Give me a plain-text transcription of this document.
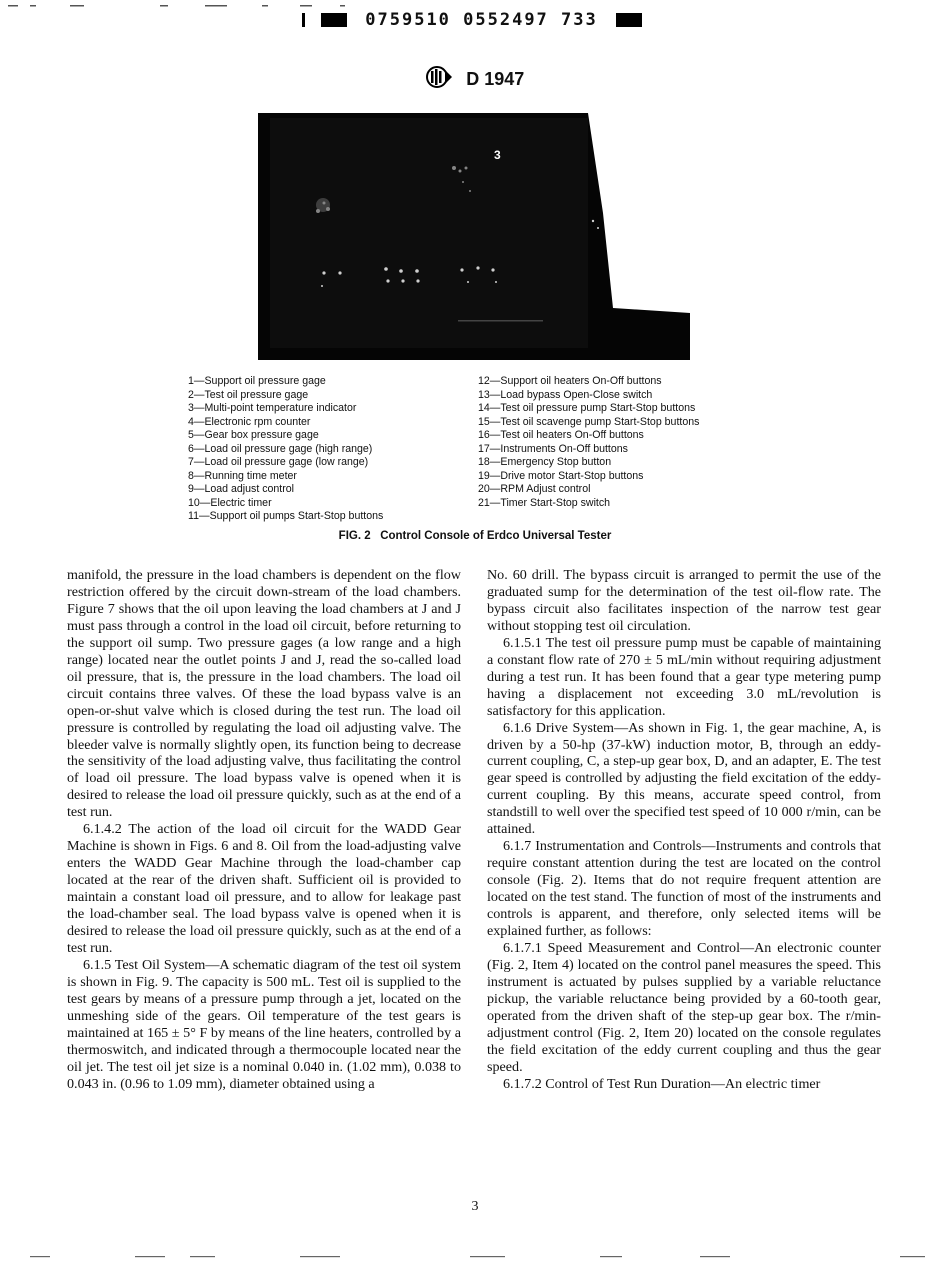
0759510 0552497 733
D 1947
3
1—Support oil pressure gage
2—Test oil pressure gage
3—Multi-point temperature indicator
4—Electronic rpm counter
5—Gear box pressure gage
6—Load oil pressure gage (high range)
7—Load oil pressure gage (low range)
8—Running time meter
9—Load adjust control
10—Electric timer
11—Support oil pumps Start-Stop buttons
12—Support oil heaters On-Off buttons
13—Load bypass Open-Close switch
14—Test oil pressure pump Start-Stop buttons
15—Test oil scavenge pump Start-Stop buttons
16—Test oil heaters On-Off buttons
17—Instruments On-Off buttons
18—Emergency Stop button
19—Drive motor Start-Stop buttons
20—RPM Adjust control
21—Timer Start-Stop switch
FIG. 2   Control Console of Erdco Universal Tester

manifold, the pressure in the load chambers is dependent on the flow restriction offered by the circuit down-stream of the load chambers. Figure 7 shows that the oil upon leaving the load chambers at J and J must pass through a control in the load oil circuit, before returning to the support oil sump. Two pressure gages (a low range and a high range) located near the outlet points J and J, read the so-called load oil pressure, that is, the pressure in the load chambers. The load oil circuit contains three valves. Of these the load bypass valve is an open-or-shut valve which is closed during the test run. The load oil pressure is controlled by regulating the load oil adjusting valve. The bleeder valve is normally slightly open, its function being to decrease the sensitivity of the load adjusting valve, thus facilitating the control of load oil pressure. The load bypass valve is opened when it is desired to release the load oil pressure quickly, such as at the end of a test run.

6.1.4.2 The action of the load oil circuit for the WADD Gear Machine is shown in Figs. 6 and 8. Oil from the load-adjusting valve enters the WADD Gear Machine through the load-chamber cap located at the rear of the driven shaft. Sufficient oil is provided to maintain a constant load oil pressure, and to allow for leakage past the load-chamber seal. The load bypass valve is opened when it is desired to release the load oil pressure quickly, such as at the end of a test run.

6.1.5 Test Oil System—A schematic diagram of the test oil system is shown in Fig. 9. The capacity is 500 mL. Test oil is supplied to the test gears by means of a pressure pump through a jet, located on the unmeshing side of the gears. Oil temperature of the test gears is maintained at 165 ± 5° F by means of the line heaters, controlled by a thermoswitch, and indicated through a thermocouple located near the oil jet. The test oil jet size is a nominal 0.040 in. (1.02 mm), 0.038 to 0.043 in. (0.96 to 1.09 mm), diameter obtained using a

No. 60 drill. The bypass circuit is arranged to permit the use of the graduated sump for the determination of the test oil-flow rate. The bypass circuit also facilitates inspection of the narrow test gear without stopping test oil circulation.

6.1.5.1 The test oil pressure pump must be capable of maintaining a constant flow rate of 270 ± 5 mL/min without requiring adjustment during a test run. It has been found that a gear type metering pump having a displacement not exceeding 3.0 mL/revolution is satisfactory for this application.

6.1.6 Drive System—As shown in Fig. 1, the gear machine, A, is driven by a 50-hp (37-kW) induction motor, B, through an eddy-current coupling, C, a step-up gear box, D, and an adapter, E. The test gear speed is controlled by adjusting the field excitation of the eddy-current coupling. By this means, accurate speed control, from standstill to well over the specified test speed of 10 000 r/min, can be attained.

6.1.7 Instrumentation and Controls—Instruments and controls that require constant attention during the test are located on the control console (Fig. 2). Items that do not require frequent attention are located on the test stand. The function of most of the instruments and controls is apparent, and therefore, only selected items will be explained further, as follows:

6.1.7.1 Speed Measurement and Control—An electronic counter (Fig. 2, Item 4) located on the control panel measures the speed. This instrument is actuated by pulses supplied by a variable reluctance pickup, the variable reluctance being provided by a 60-tooth gear, operated from the driven shaft of the step-up gear box. The r/min-adjustment control (Fig. 2, Item 20) located on the console regulates the field excitation of the eddy current coupling and thus the gear speed.

6.1.7.2 Control of Test Run Duration—An electric timer

3
